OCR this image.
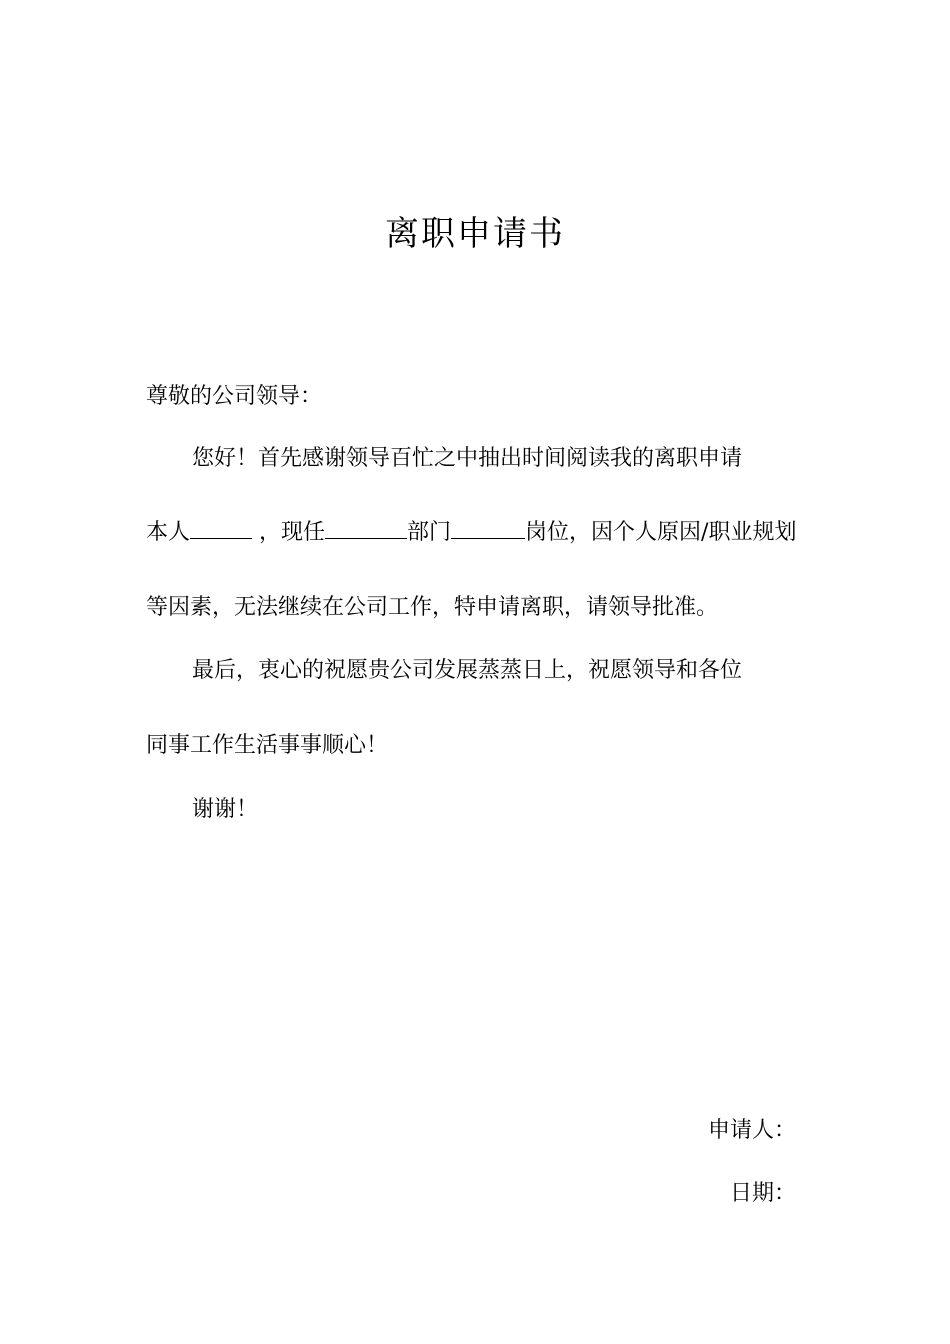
离职申请书
尊敬的公司领导：
您好！首先感谢领导百忙之中抽出时间阅读我的离职申请
本人	，现任	部门	岗位，因个人原因/职业规划
等因素，无法继续在公司工作，特申请离职，请领导批准。
最后，衷心的祝愿贵公司发展蒸蒸日上，祝愿领导和各位
同事工作生活事事顺心！
谢谢！
申请人：
日期：
